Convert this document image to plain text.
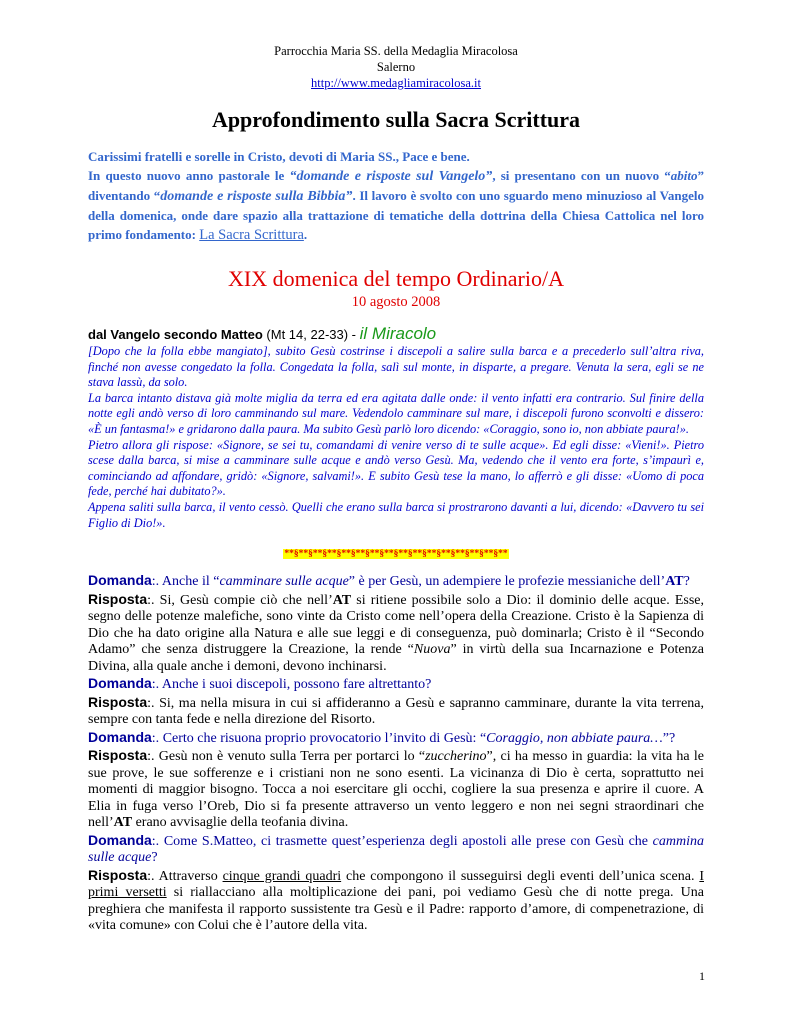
Parrocchia Maria SS. della Medaglia Miracolosa
Salerno
http://www.medagliamiracolosa.it
Approfondimento sulla Sacra Scrittura
Carissimi fratelli e sorelle in Cristo, devoti di Maria SS., Pace e bene.
In questo nuovo anno pastorale le “domande e risposte sul Vangelo”, si presentano con un nuovo “abito” diventando “domande e risposte sulla Bibbia”. Il lavoro è svolto con uno sguardo meno minuzioso al Vangelo della domenica, onde dare spazio alla trattazione di tematiche della dottrina della Chiesa Cattolica nel loro primo fondamento: La Sacra Scrittura.
XIX domenica del tempo Ordinario/A
10 agosto 2008
dal Vangelo secondo Matteo (Mt 14, 22-33) - il Miracolo

[Dopo che la folla ebbe mangiato], subito Gesù costrinse i discepoli a salire sulla barca e a precederlo sull’altra riva, finché non avesse congedato la folla. Congedata la folla, salì sul monte, in disparte, a pregare. Venuta la sera, egli se ne stava lassù, da solo.

La barca intanto distava già molte miglia da terra ed era agitata dalle onde: il vento infatti era contrario. Sul finire della notte egli andò verso di loro camminando sul mare. Vedendolo camminare sul mare, i discepoli furono sconvolti e dissero: «È un fantasma!» e gridarono dalla paura. Ma subito Gesù parlò loro dicendo: «Coraggio, sono io, non abbiate paura!».

Pietro allora gli rispose: «Signore, se sei tu, comandami di venire verso di te sulle acque». Ed egli disse: «Vieni!». Pietro scese dalla barca, si mise a camminare sulle acque e andò verso Gesù. Ma, vedendo che il vento era forte, s’impaurì e, cominciando ad affondare, gridò: «Signore, salvami!». E subito Gesù tese la mano, lo afferrò e gli disse: «Uomo di poca fede, perché hai dubitato?».

Appena saliti sulla barca, il vento cessò. Quelli che erano sulla barca si prostrarono davanti a lui, dicendo: «Davvero tu sei Figlio di Dio!».

**§**§**§**§**§**§**§**§**§**§**§**§**§**§**§**

Domanda:. Anche il “camminare sulle acque” è per Gesù, un adempiere le profezie messianiche dell’AT?

Risposta:. Si, Gesù compie ciò che nell’AT si ritiene possibile solo a Dio: il dominio delle acque. Esse, segno delle potenze malefiche, sono vinte da Cristo come nell’opera della Creazione. Cristo è la Sapienza di Dio che ha dato origine alla Natura e alle sue leggi e di conseguenza, può dominarla; Cristo è il “Secondo Adamo” che senza distruggere la Creazione, la rende “Nuova” in virtù della sua Incarnazione e Potenza Divina, alla quale anche i demoni, devono inchinarsi.

Domanda:. Anche i suoi discepoli, possono fare altrettanto?

Risposta:. Si, ma nella misura in cui si affideranno a Gesù e sapranno camminare, durante la vita terrena, sempre con tanta fede e nella direzione del Risorto.

Domanda:. Certo che risuona proprio provocatorio l’invito di Gesù: “Coraggio, non abbiate paura…”?

Risposta:. Gesù non è venuto sulla Terra per portarci lo “zuccherino”, ci ha messo in guardia: la vita ha le sue prove, le sue sofferenze e i cristiani non ne sono esenti. La vicinanza di Dio è certa, soprattutto nei momenti di maggior bisogno. Tocca a noi esercitare gli occhi, cogliere la sua presenza e aprire il cuore. A Elia in fuga verso l’Oreb, Dio si fa presente attraverso un vento leggero e non nei segni straordinari che nell’AT erano avvisaglie della teofania divina.

Domanda:. Come S.Matteo, ci trasmette quest’esperienza degli apostoli alle prese con Gesù che cammina sulle acque?

Risposta:. Attraverso cinque grandi quadri che compongono il susseguirsi degli eventi dell’unica scena. I primi versetti si riallacciano alla moltiplicazione dei pani, poi vediamo Gesù che di notte prega. Una preghiera che manifesta il rapporto sussistente tra Gesù e il Padre: rapporto d’amore, di compenetrazione, di «vita comune» con Colui che è l’autore della vita.

1
